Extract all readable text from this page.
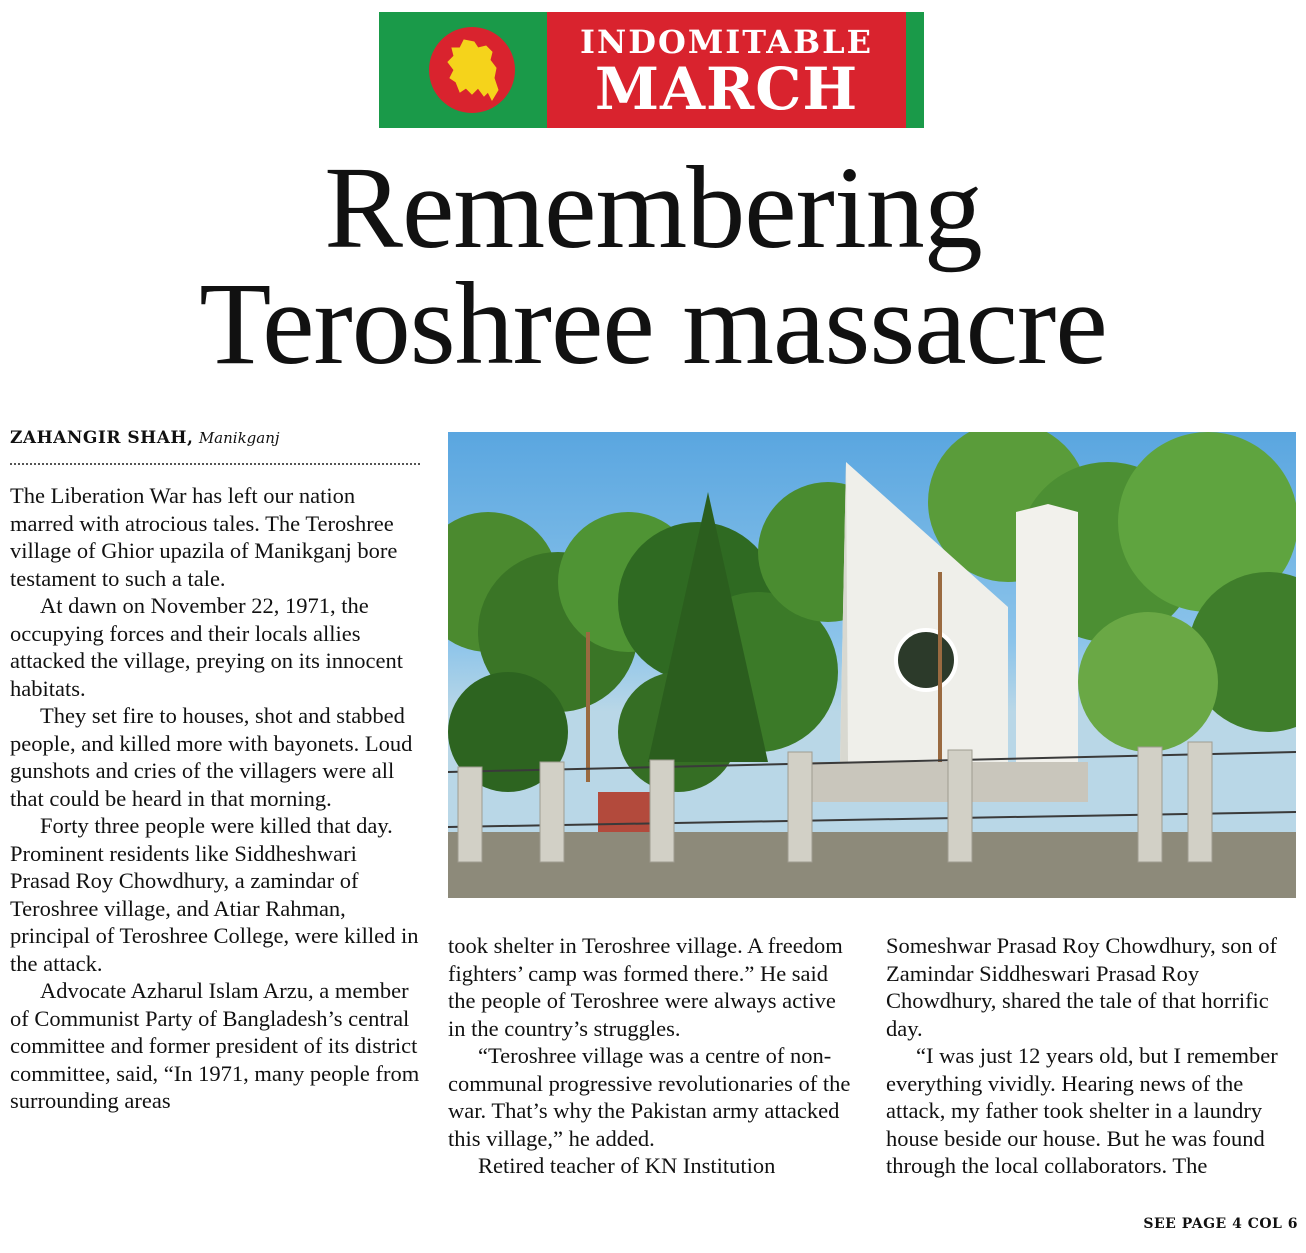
INDOMITABLE
MARCH
Remembering
Teroshree massacre
ZAHANGIR SHAH, Manikganj

The Liberation War has left our nation marred with atrocious tales. The Teroshree village of Ghior upazila of Manikganj bore testament to such a tale.

At dawn on November 22, 1971, the occupying forces and their locals allies attacked the village, preying on its innocent habitats.

They set fire to houses, shot and stabbed people, and killed more with bayonets. Loud gunshots and cries of the villagers were all that could be heard in that morning.

Forty three people were killed that day. Prominent residents like Siddheshwari Prasad Roy Chowdhury, a zamindar of Teroshree village, and Atiar Rahman, principal of Teroshree College, were killed in the attack.

Advocate Azharul Islam Arzu, a member of Communist Party of Bangladesh’s central committee and former president of its district committee, said, “In 1971, many people from surrounding areas

took shelter in Teroshree village. A freedom fighters’ camp was formed there.” He said the people of Teroshree were always active in the country’s struggles.

“Teroshree village was a centre of non-communal progressive revolutionaries of the war. That’s why the Pakistan army attacked this village,” he added.

Retired teacher of KN Institution

Someshwar Prasad Roy Chowdhury, son of Zamindar Siddheswari Prasad Roy Chowdhury, shared the tale of that horrific day.

“I was just 12 years old, but I remember everything vividly. Hearing news of the attack, my father took shelter in a laundry house beside our house. But he was found through the local collaborators. The

SEE PAGE 4 COL 6
